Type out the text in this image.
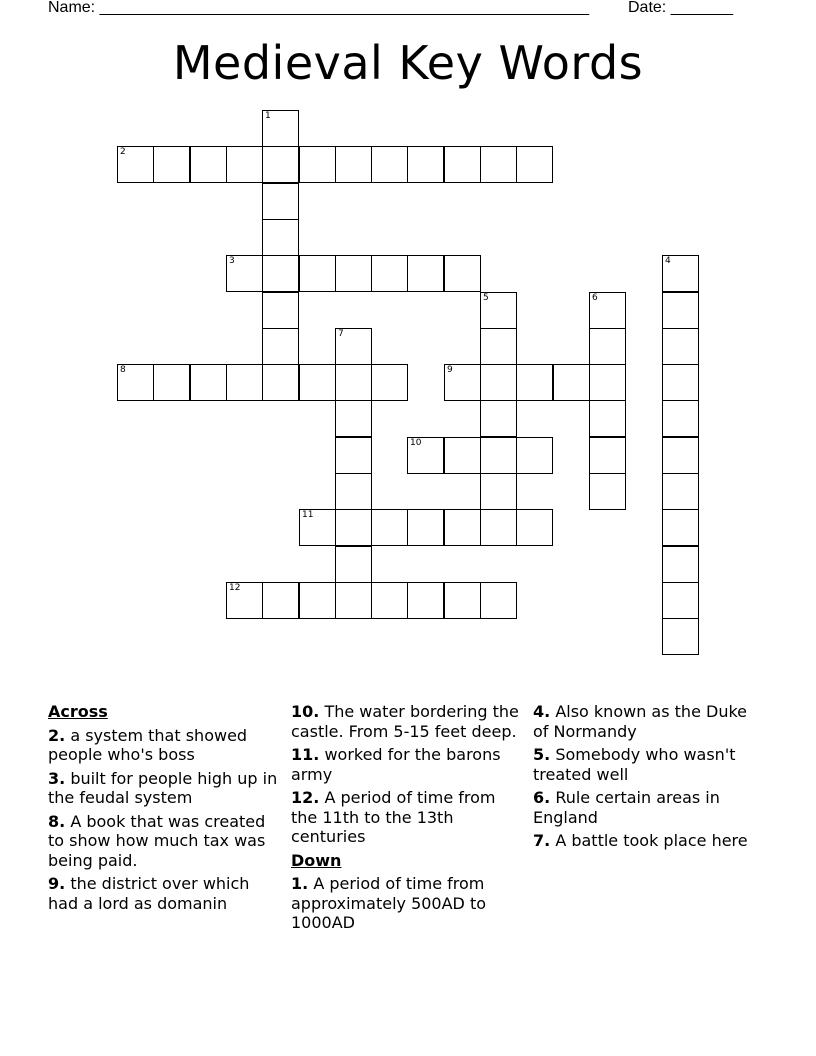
Name: _______________________________________________________ Date: _______
Medieval Key Words
1
2
3	4
5	6
7
8	9
10
11
12
Across
2. a system that showed people who's boss
3. built for people high up in the feudal system
8. A book that was created to show how much tax was being paid.
9. the district over which had a lord as domanin
10. The water bordering the castle. From 5-15 feet deep.
11. worked for the barons army
12. A period of time from the 11th to the 13th centuries
Down
1. A period of time from approximately 500AD to 1000AD
4. Also known as the Duke of Normandy
5. Somebody who wasn't treated well
6. Rule certain areas in England
7. A battle took place here
